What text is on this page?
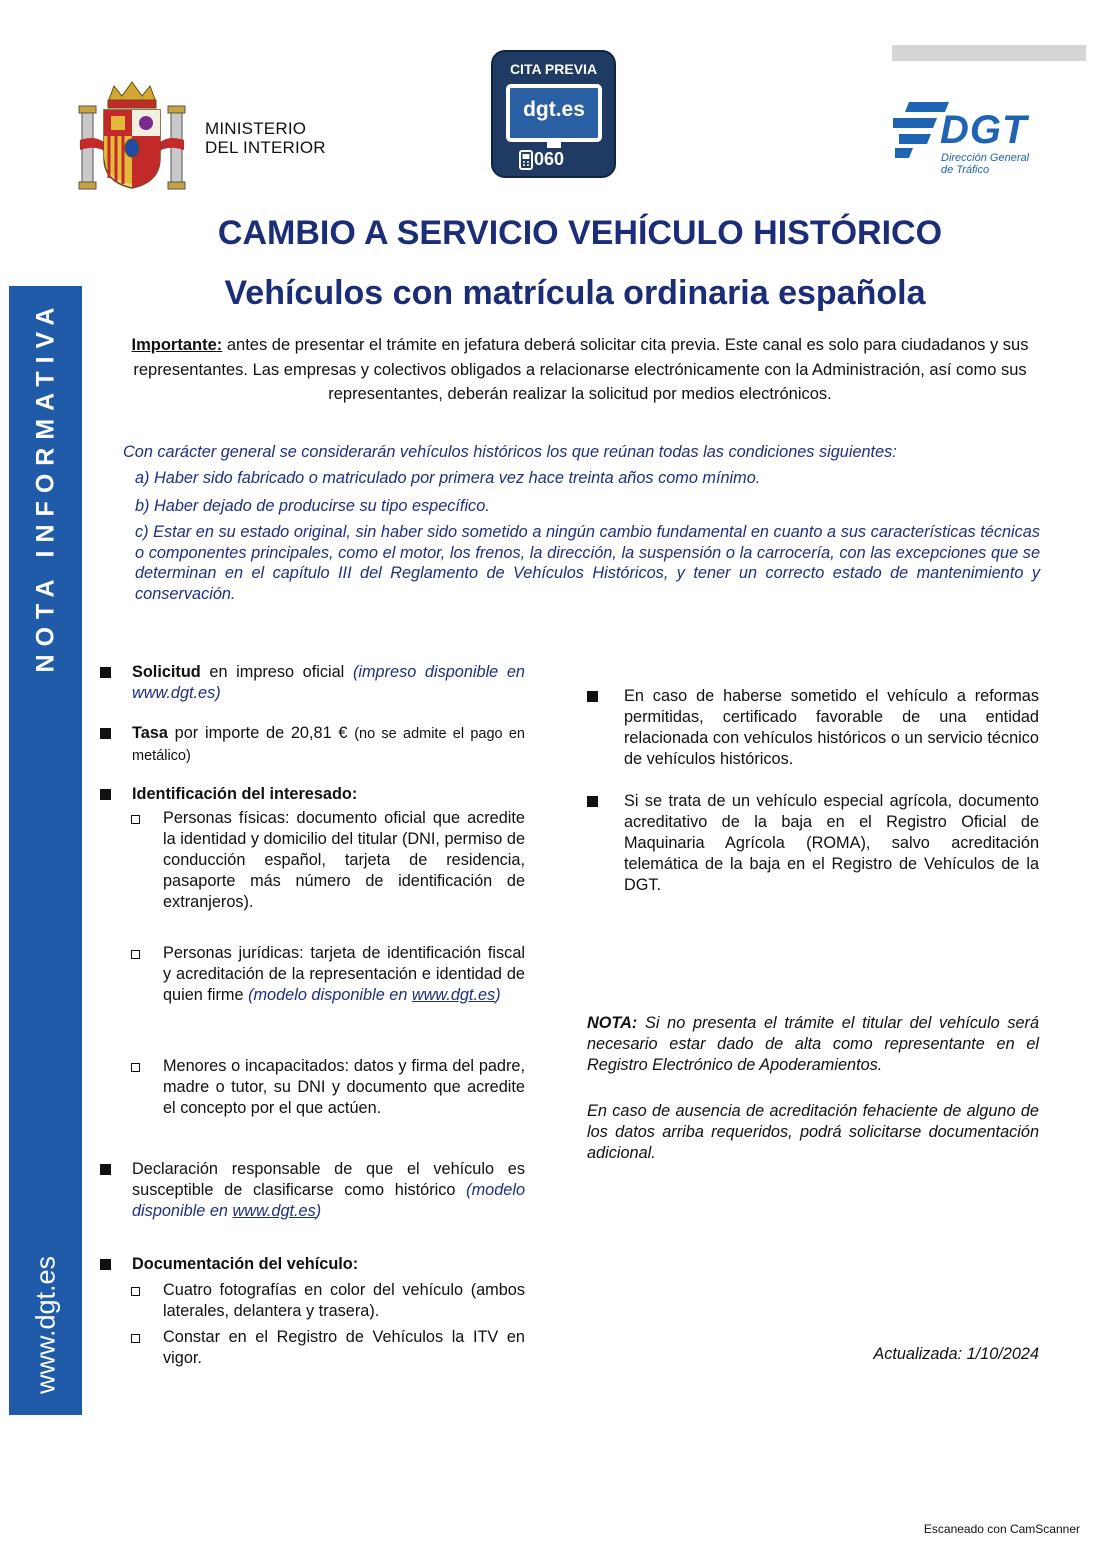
MINISTERIO
DEL INTERIOR
CITA PREVIA
dgt.es
060
DGT
Dirección General
de Tráfico
NOTA INFORMATIVA
www.dgt.es
CAMBIO A SERVICIO VEHÍCULO HISTÓRICO
Vehículos con matrícula ordinaria española
Importante: antes de presentar el trámite en jefatura deberá solicitar cita previa. Este canal es solo para ciudadanos y sus representantes. Las empresas y colectivos obligados a relacionarse electrónicamente con la Administración, así como sus representantes, deberán realizar la solicitud por medios electrónicos.
Con carácter general se considerarán vehículos históricos los que reúnan todas las condiciones siguientes:
a) Haber sido fabricado o matriculado por primera vez hace treinta años como mínimo.
b) Haber dejado de producirse su tipo específico.
c) Estar en su estado original, sin haber sido sometido a ningún cambio fundamental en cuanto a sus características técnicas o componentes principales, como el motor, los frenos, la dirección, la suspensión o la carrocería, con las excepciones que se determinan en el capítulo III del Reglamento de Vehículos Históricos, y tener un correcto estado de mantenimiento y conservación.
Solicitud en impreso oficial (impreso disponible en www.dgt.es)
Tasa por importe de 20,81 € (no se admite el pago en metálico)
Identificación del interesado:
Personas físicas: documento oficial que acredite la identidad y domicilio del titular (DNI, permiso de conducción español, tarjeta de residencia, pasaporte más número de identificación de extranjeros).
Personas jurídicas: tarjeta de identificación fiscal y acreditación de la representación e identidad de quien firme (modelo disponible en www.dgt.es)
Menores o incapacitados: datos y firma del padre, madre o tutor, su DNI y documento que acredite el concepto por el que actúen.
Declaración responsable de que el vehículo es susceptible de clasificarse como histórico (modelo disponible en www.dgt.es)
Documentación del vehículo:
Cuatro fotografías en color del vehículo (ambos laterales, delantera y trasera).
Constar en el Registro de Vehículos la ITV en vigor.
En caso de haberse sometido el vehículo a reformas permitidas, certificado favorable de una entidad relacionada con vehículos históricos o un servicio técnico de vehículos históricos.
Si se trata de un vehículo especial agrícola, documento acreditativo de la baja en el Registro Oficial de Maquinaria Agrícola (ROMA), salvo acreditación telemática de la baja en el Registro de Vehículos de la DGT.
NOTA: Si no presenta el trámite el titular del vehículo será necesario estar dado de alta como representante en el Registro Electrónico de Apoderamientos.
En caso de ausencia de acreditación fehaciente de alguno de los datos arriba requeridos, podrá solicitarse documentación adicional.
Actualizada: 1/10/2024
Escaneado con CamScanner
